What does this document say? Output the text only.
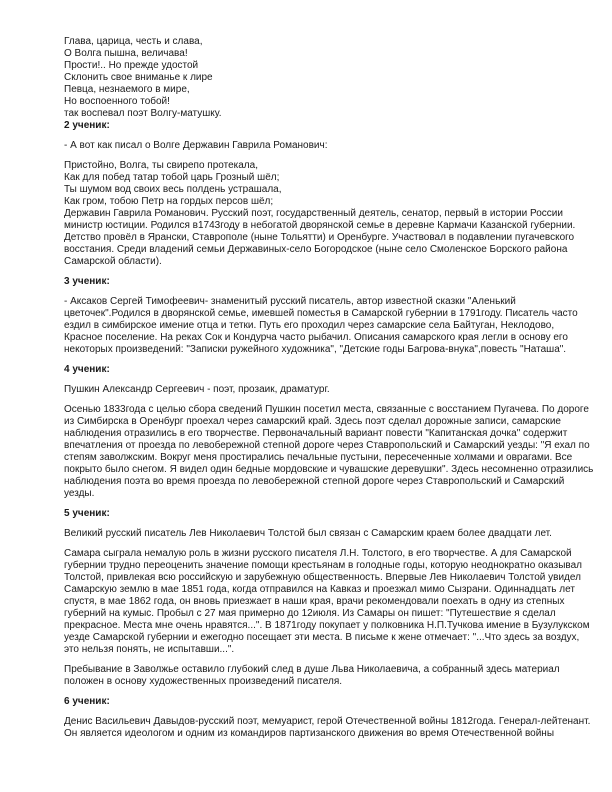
Глава, царица, честь и слава,
О Волга пышна, величава!
Прости!.. Но прежде удостой
Склонить свое вниманье к лире
Певца, незнаемого в мире,
Но воспоенного тобой!
так воспевал поэт Волгу-матушку.
2 ученик:
- А вот как писал о Волге Державин Гаврила Романович:
Пристойно, Волга, ты свирепо протекала,
Как для побед татар тобой царь Грозный шёл;
Ты шумом вод своих весь полдень устрашала,
Как гром, тобою Петр на гордых персов шёл;
Державин Гаврила Романович. Русский поэт, государственный деятель, сенатор, первый в истории России
министр юстиции. Родился в1743году в небогатой дворянской семье в деревне Кармачи Казанской губернии.
Детство провёл в Ярански, Ставрополе (ныне Тольятти) и Оренбурге. Участвовал в подавлении пугачевского
восстания. Среди владений семьи Державиных-село Богородское (ныне село Смоленское Борского района
Самарской области).
3 ученик:
- Аксаков Сергей Тимофеевич- знаменитый русский писатель, автор известной сказки "Аленький
цветочек".Родился в дворянской семье, имевшей поместья в Самарской губернии в 1791году. Писатель часто
ездил в симбирское имение отца и тетки. Путь его проходил через самарские села Байтуган, Неклодово,
Красное поселение. На реках Сок и Кондурча часто рыбачил. Описания самарского края легли в основу его
некоторых произведений: "Записки ружейного художника", "Детские годы Багрова-внука",повесть "Наташа".
4 ученик:
Пушкин Александр Сергеевич - поэт, прозаик, драматург.
Осенью 1833года с целью сбора сведений Пушкин посетил места, связанные с восстанием Пугачева. По дороге
из Симбирска в Оренбург проехал через самарский край. Здесь поэт сделал дорожные записи, самарские
наблюдения отразились в его творчестве. Первоначальный вариант повести "Капитанская дочка" содержит
впечатления от проезда по левобережной степной дороге через Ставропольский и Самарский уезды: "Я ехал по
степям заволжским. Вокруг меня простирались печальные пустыни, пересеченные холмами и оврагами. Все
покрыто было снегом. Я видел один бедные мордовские и чувашские деревушки". Здесь несомненно отразились
наблюдения поэта во время проезда по левобережной степной дороге через Ставропольский и Самарский
уезды.
5 ученик:
Великий русский писатель Лев Николаевич Толстой был связан с Самарским краем более двадцати лет.
Самара сыграла немалую роль в жизни русского писателя Л.Н. Толстого, в его творчестве. А для Самарской
губернии трудно переоценить значение помощи крестьянам в голодные годы, которую неоднократно оказывал
Толстой, привлекая всю российскую и зарубежную общественность. Впервые Лев Николаевич Толстой увидел
Самарскую землю в мае 1851 года, когда отправился на Кавказ и проезжал мимо Сызрани. Одиннадцать лет
спустя, в мае 1862 года, он вновь приезжает в наши края, врачи рекомендовали поехать в одну из степных
губерний на кумыс. Пробыл с 27 мая примерно до 12июля. Из Самары он пишет: "Путешествие я сделал
прекрасное. Места мне очень нравятся...". В 1871году покупает у полковника Н.П.Тучкова имение в Бузулукском
уезде Самарской губернии и ежегодно посещает эти места. В письме к жене отмечает: "...Что здесь за воздух,
это нельзя понять, не испытавши...".
Пребывание в Заволжье оставило глубокий след в душе Льва Николаевича, а собранный здесь материал
положен в основу художественных произведений писателя.
6 ученик:
Денис Васильевич Давыдов-русский поэт, мемуарист, герой Отечественной войны 1812года. Генерал-лейтенант.
Он является идеологом и одним из командиров партизанского движения во время Отечественной войны
